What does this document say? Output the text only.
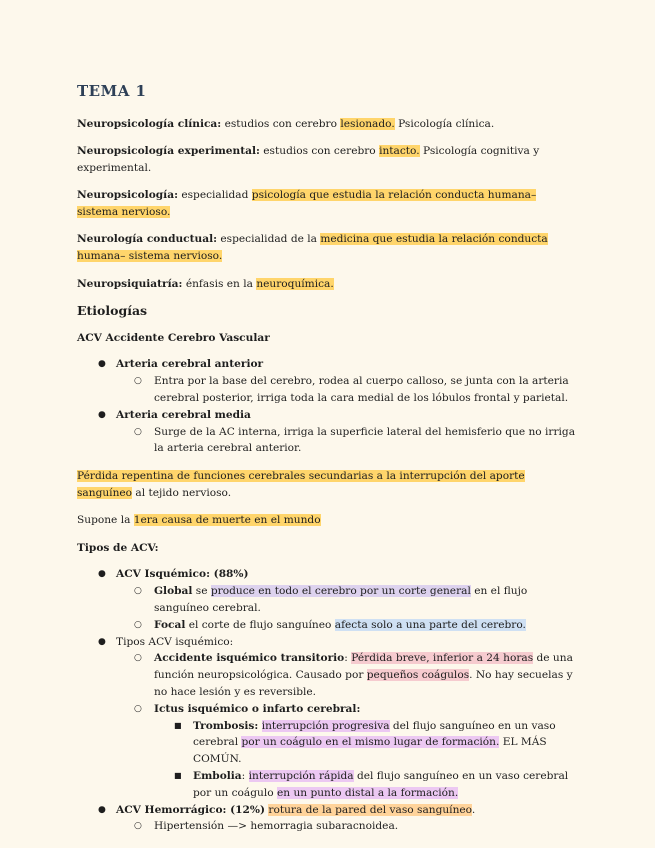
TEMA 1

Neuropsicología clínica: estudios con cerebro lesionado. Psicología clínica.

Neuropsicología experimental: estudios con cerebro intacto. Psicología cognitiva y experimental.

Neuropsicología: especialidad psicología que estudia la relación conducta humana– sistema nervioso.

Neurología conductual: especialidad de la medicina que estudia la relación conducta humana– sistema nervioso.

Neuropsiquiatría: énfasis en la neuroquímica.

Etiologías

ACV Accidente Cerebro Vascular

● Arteria cerebral anterior
○ Entra por la base del cerebro, rodea al cuerpo calloso, se junta con la arteria cerebral posterior, irriga toda la cara medial de los lóbulos frontal y parietal.
● Arteria cerebral media
○ Surge de la AC interna, irriga la superficie lateral del hemisferio que no irriga la arteria cerebral anterior.

Pérdida repentina de funciones cerebrales secundarias a la interrupción del aporte sanguíneo al tejido nervioso.

Supone la 1era causa de muerte en el mundo

Tipos de ACV:

● ACV Isquémico: (88%)
○ Global se produce en todo el cerebro por un corte general en el flujo sanguíneo cerebral.
○ Focal el corte de flujo sanguíneo afecta solo a una parte del cerebro.
● Tipos ACV isquémico:
○ Accidente isquémico transitorio: Pérdida breve, inferior a 24 horas de una función neuropsicológica. Causado por pequeños coágulos. No hay secuelas y no hace lesión y es reversible.
○ Ictus isquémico o infarto cerebral:
■ Trombosis: interrupción progresiva del flujo sanguíneo en un vaso cerebral por un coágulo en el mismo lugar de formación. EL MÁS COMÚN.
■ Embolia: interrupción rápida del flujo sanguíneo en un vaso cerebral por un coágulo en un punto distal a la formación.
● ACV Hemorrágico: (12%) rotura de la pared del vaso sanguíneo.
○ Hipertensión —> hemorragia subaracnoidea.
